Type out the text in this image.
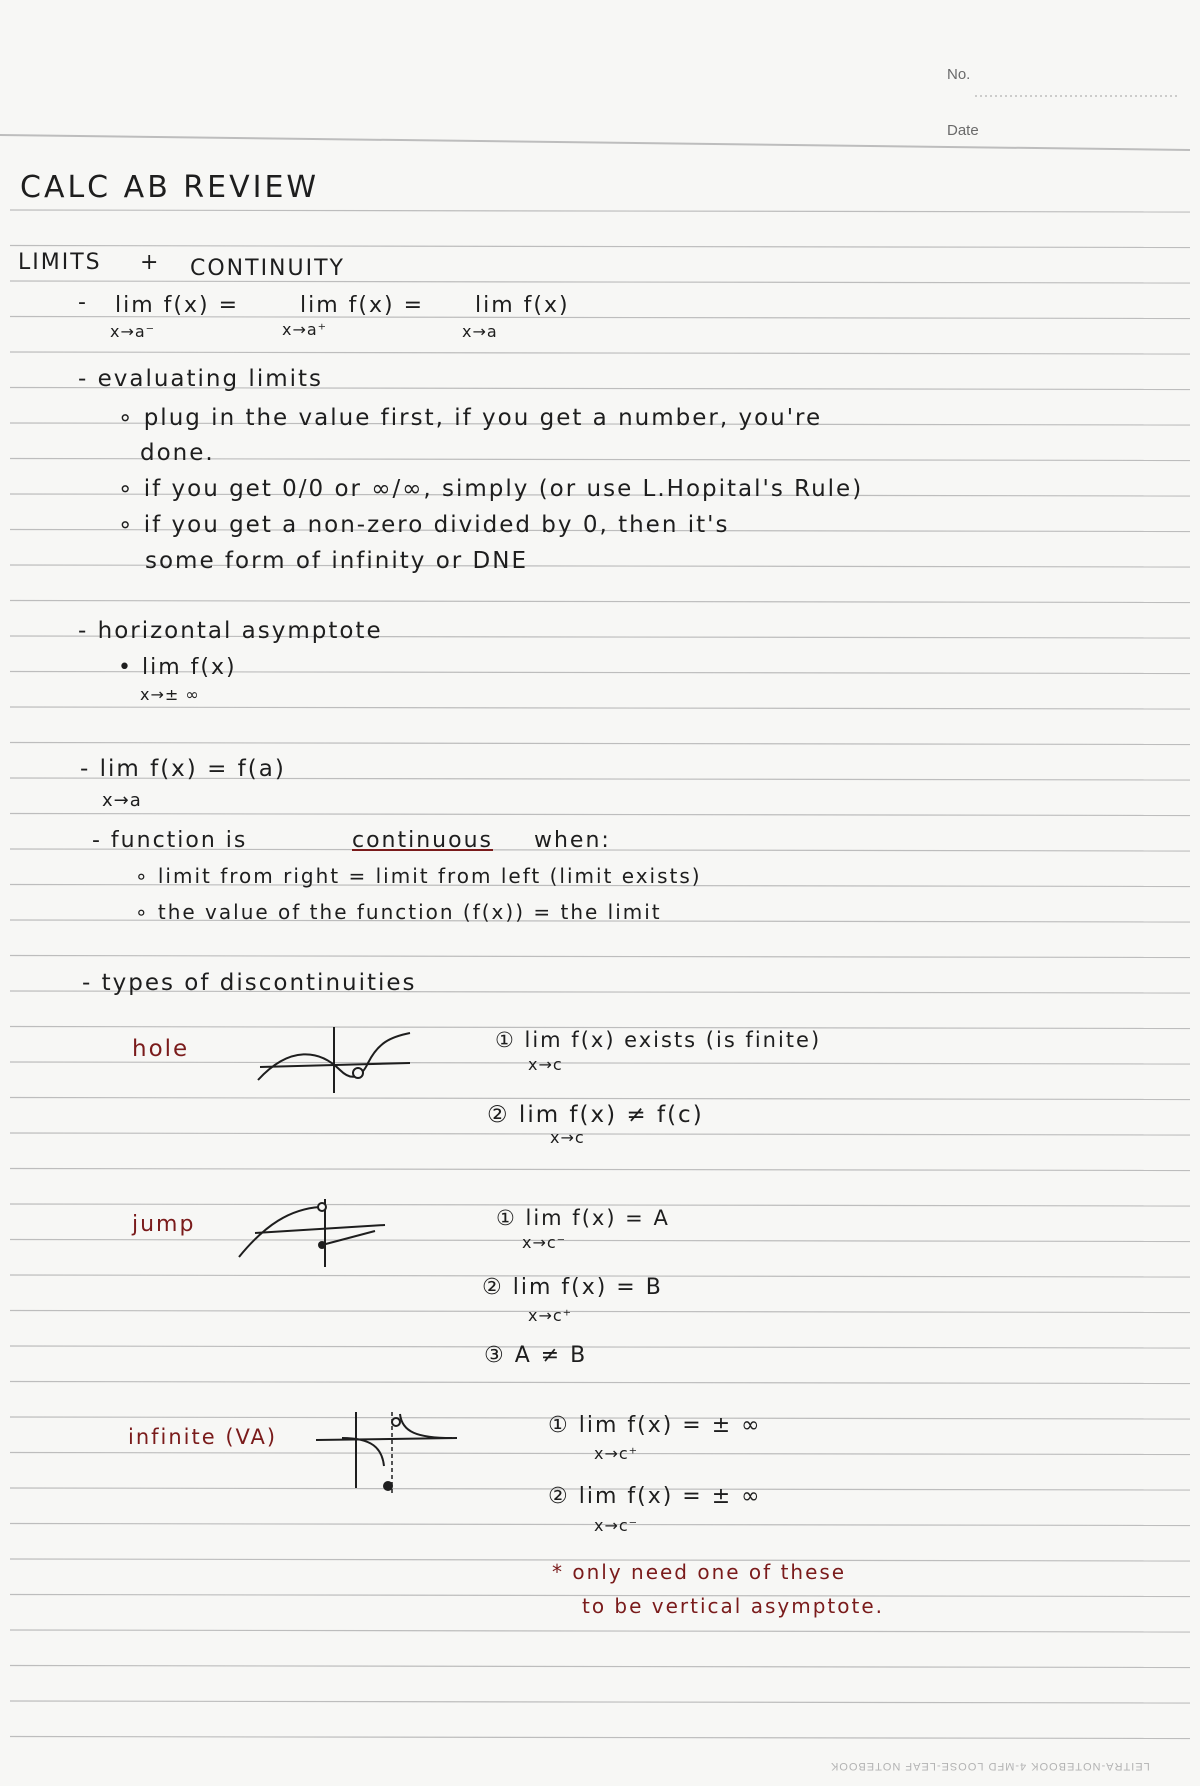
No.
Date
CALC AB REVIEW
LIMITS + CONTINUITY
- lim f(x) =
x→a⁻
lim f(x) =
x→a⁺
lim f(x)
x→a
- evaluating limits
∘ plug in the value first, if you get a number, you're
done.
∘ if you get 0/0 or ∞/∞, simply (or use L.Hopital's Rule)
∘ if you get a non-zero divided by 0, then it's
some form of infinity or DNE
- horizontal asymptote
• lim f(x)
x→± ∞
- lim f(x) = f(a)
x→a
- function is	continuous when:
∘ limit from right = limit from left (limit exists)
∘ the value of the function (f(x)) = the limit
- types of discontinuities
hole	① lim f(x) exists (is finite)
x→c
② lim f(x) ≠ f(c)
x→c
jump	① lim f(x) = A
x→c⁻
② lim f(x) = B
x→c⁺
③ A ≠ B
infinite (VA)	① lim f(x) = ± ∞
x→c⁺
② lim f(x) = ± ∞
x→c⁻
* only need one of these
to be vertical asymptote.
LEITRA-NOTEBOOK 4-MFD LOOSE-LEAF NOTEBOOK
